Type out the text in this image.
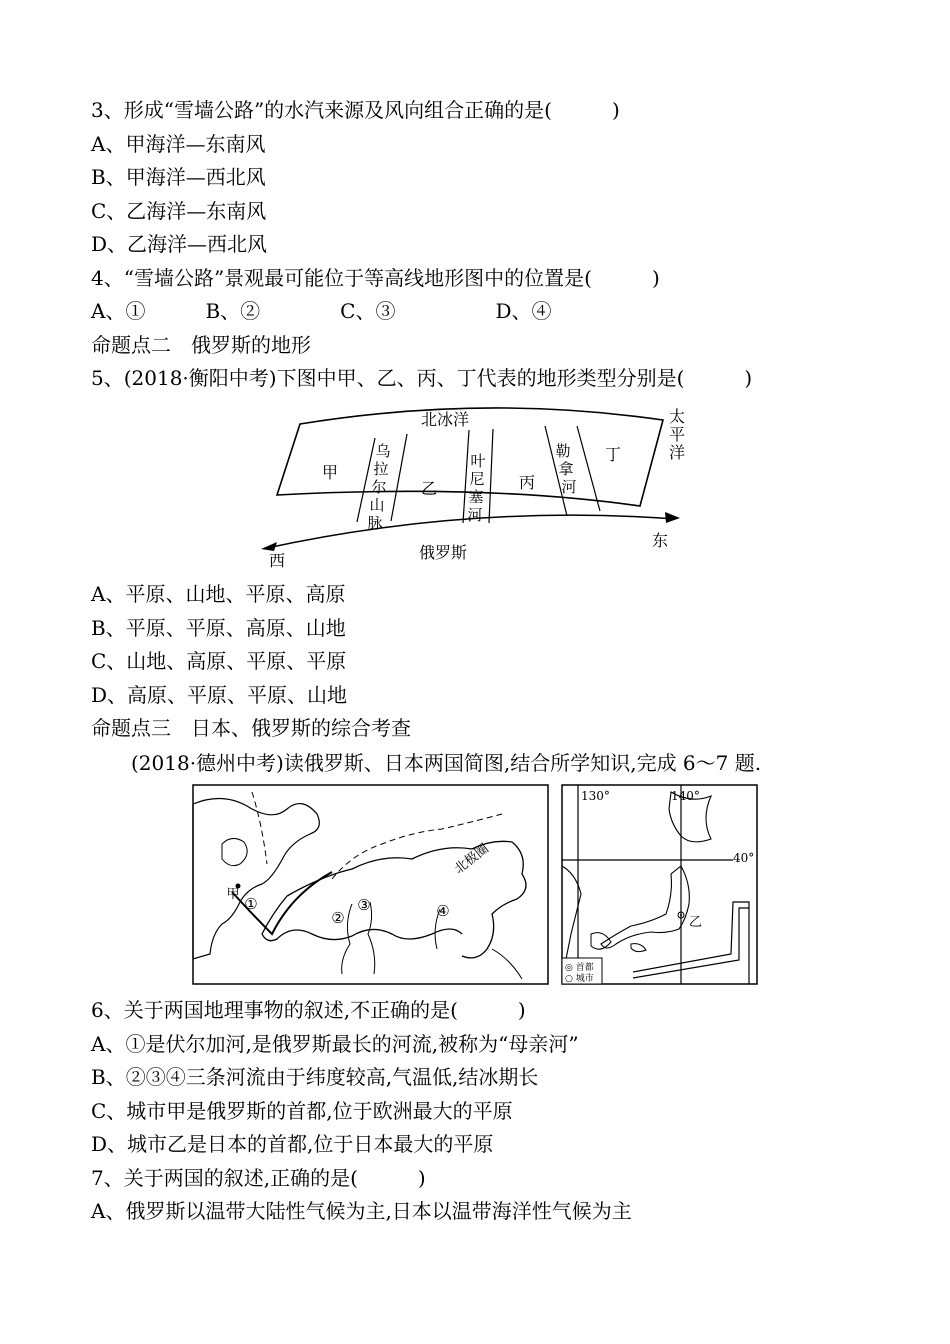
3、形成“雪墙公路”的水汽来源及风向组合正确的是(　　　)
A、甲海洋—东南风
B、甲海洋—西北风
C、乙海洋—东南风
D、乙海洋—西北风
4、“雪墙公路”景观最可能位于等高线地形图中的位置是(　　　)
A、①　　　B、②　　　　C、③　　　　　D、④
命题点二　俄罗斯的地形
5、(2018·衡阳中考)下图中甲、乙、丙、丁代表的地形类型分别是(　　　)
北冰洋	太
平
洋
甲
乌
拉
尔
山
脉
乙
叶
尼
塞
河
丙
勒
拿
河
丁
西
东
俄罗斯
A、平原、山地、平原、高原
B、平原、平原、高原、山地
C、山地、高原、平原、平原
D、高原、平原、平原、山地
命题点三　日本、俄罗斯的综合考查
(2018·德州中考)读俄罗斯、日本两国简图,结合所学知识,完成 6～7 题.
北极圈
甲
①
②
③	④
130°	140°
40°
乙
◎ 首都
○ 城市
6、关于两国地理事物的叙述,不正确的是(　　　)
A、①是伏尔加河,是俄罗斯最长的河流,被称为“母亲河”
B、②③④三条河流由于纬度较高,气温低,结冰期长
C、城市甲是俄罗斯的首都,位于欧洲最大的平原
D、城市乙是日本的首都,位于日本最大的平原
7、关于两国的叙述,正确的是(　　　)
A、俄罗斯以温带大陆性气候为主,日本以温带海洋性气候为主
